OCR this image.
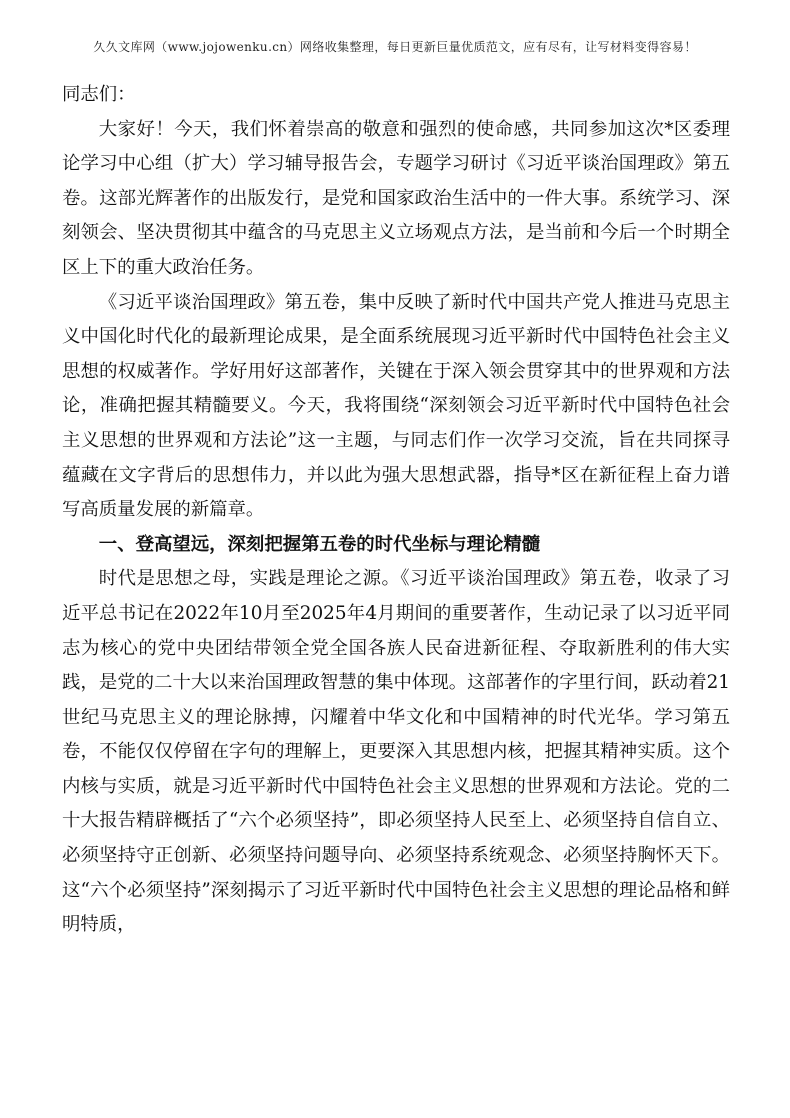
久久文库网（www.jojowenku.cn）网络收集整理，每日更新巨量优质范文，应有尽有，让写材料变得容易！

同志们：

大家好！今天，我们怀着崇高的敬意和强烈的使命感，共同参加这次*区委理论学习中心组（扩大）学习辅导报告会，专题学习研讨《习近平谈治国理政》第五卷。这部光辉著作的出版发行，是党和国家政治生活中的一件大事。系统学习、深刻领会、坚决贯彻其中蕴含的马克思主义立场观点方法，是当前和今后一个时期全区上下的重大政治任务。

《习近平谈治国理政》第五卷，集中反映了新时代中国共产党人推进马克思主义中国化时代化的最新理论成果，是全面系统展现习近平新时代中国特色社会主义思想的权威著作。学好用好这部著作，关键在于深入领会贯穿其中的世界观和方法论，准确把握其精髓要义。今天，我将围绕“深刻领会习近平新时代中国特色社会主义思想的世界观和方法论”这一主题，与同志们作一次学习交流，旨在共同探寻蕴藏在文字背后的思想伟力，并以此为强大思想武器，指导*区在新征程上奋力谱写高质量发展的新篇章。

一、登高望远，深刻把握第五卷的时代坐标与理论精髓

时代是思想之母，实践是理论之源。《习近平谈治国理政》第五卷，收录了习近平总书记在2022年10月至2025年4月期间的重要著作，生动记录了以习近平同志为核心的党中央团结带领全党全国各族人民奋进新征程、夺取新胜利的伟大实践，是党的二十大以来治国理政智慧的集中体现。这部著作的字里行间，跃动着21世纪马克思主义的理论脉搏，闪耀着中华文化和中国精神的时代光华。学习第五卷，不能仅仅停留在字句的理解上，更要深入其思想内核，把握其精神实质。这个内核与实质，就是习近平新时代中国特色社会主义思想的世界观和方法论。党的二十大报告精辟概括了“六个必须坚持”，即必须坚持人民至上、必须坚持自信自立、必须坚持守正创新、必须坚持问题导向、必须坚持系统观念、必须坚持胸怀天下。这“六个必须坚持”深刻揭示了习近平新时代中国特色社会主义思想的理论品格和鲜明特质，
